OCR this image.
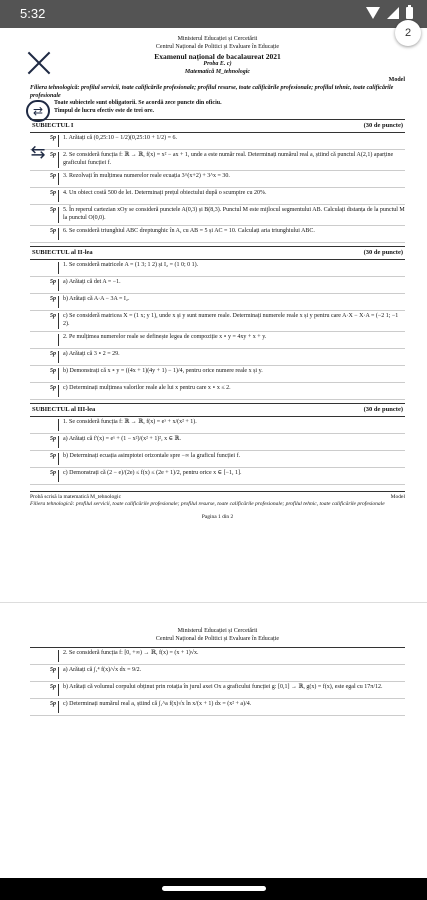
5:32
2
Ministerul Educației și Cercetării
Centrul Național de Politici și Evaluare în Educație
Examenul național de bacalaureat 2021
Proba E. c)
Matematică M_tehnologic
Model
Filiera tehnologică: profilul servicii, toate calificările profesionale; profilul resurse, toate calificările profesionale; profilul tehnic, toate calificările profesionale
Toate subiectele sunt obligatorii. Se acordă zece puncte din oficiu.
Timpul de lucru efectiv este de trei ore.
SUBIECTUL I	(30 de puncte)
5p	1. Arătați că (0,25:10 − 1/2)(0,25:10 + 1/2) = 6.
5p	2. Se consideră funcția f: ℝ → ℝ, f(x) = x² − ax + 1, unde a este număr real. Determinați numărul real a, știind că punctul A(2,1) aparține graficului funcției f.
5p	3. Rezolvați în mulțimea numerelor reale ecuația 3^(x+2) + 3^x = 30.
5p	4. Un obiect costă 500 de lei. Determinați prețul obiectului după o scumpire cu 20%.
5p	5. În reperul cartezian xOy se consideră punctele A(0,3) și B(8,3). Punctul M este mijlocul segmentului AB. Calculați distanța de la punctul M la punctul O(0,0).
5p	6. Se consideră triunghiul ABC dreptunghic în A, cu AB = 5 și AC = 10. Calculați aria triunghiului ABC.
SUBIECTUL al II-lea	(30 de puncte)
1. Se consideră matricele A = (1 3; 1 2) și I₂ = (1 0; 0 1).
5p	a) Arătați că det A = −1.
5p	b) Arătați că A·A − 3A = I₂.
5p	c) Se consideră matricea X = (1 x; y 1), unde x și y sunt numere reale. Determinați numerele reale x și y pentru care A·X − X·A = (−2 1; −1 2).
2. Pe mulțimea numerelor reale se definește legea de compoziție x ∘ y = 4xy + x + y.
5p	a) Arătați că 3 ∘ 2 = 29.
5p	b) Demonstrați că x ∘ y = ((4x + 1)(4y + 1) − 1)/4, pentru orice numere reale x și y.
5p	c) Determinați mulțimea valorilor reale ale lui x pentru care x ∘ x ≤ 2.
SUBIECTUL al III-lea	(30 de puncte)
1. Se consideră funcția f: ℝ → ℝ, f(x) = eˣ + x/(x² + 1).
5p	a) Arătați că f′(x) = eˣ + (1 − x²)/(x² + 1)², x ∈ ℝ.
5p	b) Determinați ecuația asimptotei orizontale spre −∞ la graficul funcției f.
5p	c) Demonstrați că (2 − e)/(2e) ≤ f(x) ≤ (2e + 1)/2, pentru orice x ∈ [−1, 1].
Probă scrisă la matematică M_tehnologic	Model
Filiera tehnologică: profilul servicii, toate calificările profesionale; profilul resurse, toate calificările profesionale; profilul tehnic, toate calificările profesionale
Pagina 1 din 2
Ministerul Educației și Cercetării
Centrul Național de Politici și Evaluare în Educație
2. Se consideră funcția f: [0, +∞) → ℝ, f(x) = (x + 1)√x.
5p	a) Arătați că ∫₁⁴ f(x)/√x dx = 9/2.
5p	b) Arătați că volumul corpului obținut prin rotația în jurul axei Ox a graficului funcției g: [0,1] → ℝ, g(x) = f(x), este egal cu 17π/12.
5p	c) Determinați numărul real a, știind că ∫₁^a f(x)√x ln x/(x + 1) dx = (x² + a)/4.
⇄
⇆
